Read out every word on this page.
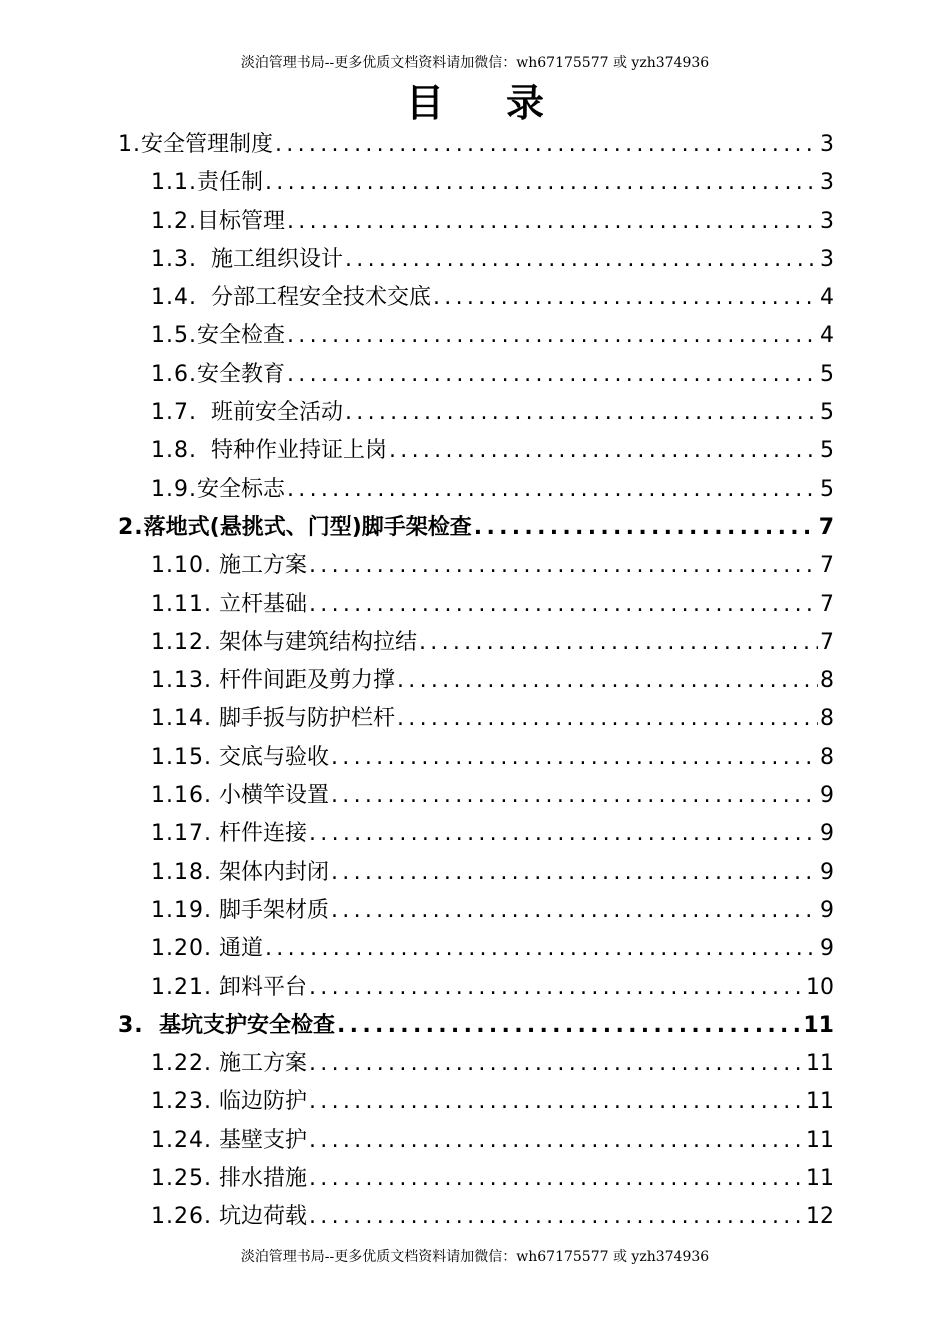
淡泊管理书局--更多优质文档资料请加微信：wh67175577 或 yzh374936
目录
1. 安全管理制度 .....	3
1.1. 责任制 .....	3
1.2. 目标管理 .....	3
1.3. 施工组织设计 .....	3
1.4. 分部工程安全技术交底 .....	4
1.5. 安全检查 .....	4
1.6. 安全教育 .....	5
1.7. 班前安全活动 .....	5
1.8. 特种作业持证上岗 .....	5
1.9. 安全标志 .....	5
2. 落地式(悬挑式、门型)脚手架检查 .....	7
1.10. 施工方案 .....	7
1.11. 立杆基础 .....	7
1.12. 架体与建筑结构拉结 .....	7
1.13. 杆件间距及剪力撑 .....	8
1.14. 脚手扳与防护栏杆 .....	8
1.15. 交底与验收 .....	8
1.16. 小横竿设置 .....	9
1.17. 杆件连接 .....	9
1.18. 架体内封闭 .....	9
1.19. 脚手架材质 .....	9
1.20. 通道 .....	9
1.21. 卸料平台 .....	10
3. 基坑支护安全检查 .....	11
1.22. 施工方案 .....	11
1.23. 临边防护 .....	11
1.24. 基壁支护 .....	11
1.25. 排水措施 .....	11
1.26. 坑边荷载 .....	12
淡泊管理书局--更多优质文档资料请加微信：wh67175577 或 yzh374936
